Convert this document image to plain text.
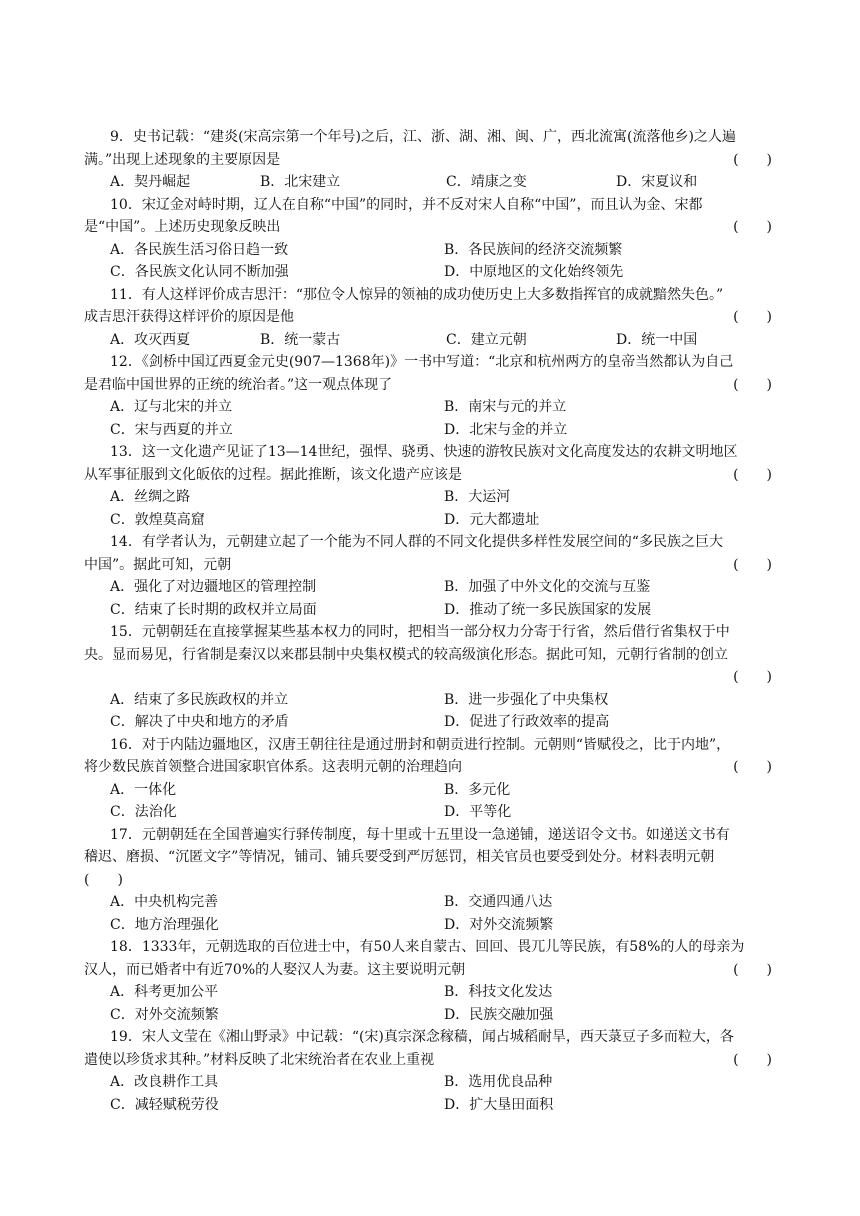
9．史书记载：“建炎(宋高宗第一个年号)之后，江、浙、湖、湘、闽、广，西北流寓(流落他乡)之人遍
满。”出现上述现象的主要原因是	(　　)
A．契丹崛起	B．北宋建立	C．靖康之变	D．宋夏议和
10．宋辽金对峙时期，辽人在自称“中国”的同时，并不反对宋人自称“中国”，而且认为金、宋都
是“中国”。上述历史现象反映出	(　　)
A．各民族生活习俗日趋一致	B．各民族间的经济交流频繁
C．各民族文化认同不断加强	D．中原地区的文化始终领先
11．有人这样评价成吉思汗：“那位令人惊异的领袖的成功使历史上大多数指挥官的成就黯然失色。”
成吉思汗获得这样评价的原因是他	(　　)
A．攻灭西夏	B．统一蒙古	C．建立元朝	D．统一中国
12．《剑桥中国辽西夏金元史(907—1368年)》一书中写道：“北京和杭州两方的皇帝当然都认为自己
是君临中国世界的正统的统治者。”这一观点体现了	(　　)
A．辽与北宋的并立	B．南宋与元的并立
C．宋与西夏的并立	D．北宋与金的并立
13．这一文化遗产见证了13—14世纪，强悍、骁勇、快速的游牧民族对文化高度发达的农耕文明地区
从军事征服到文化皈依的过程。据此推断，该文化遗产应该是	(　　)
A．丝绸之路	B．大运河
C．敦煌莫高窟	D．元大都遗址
14．有学者认为，元朝建立起了一个能为不同人群的不同文化提供多样性发展空间的“多民族之巨大
中国”。据此可知，元朝	(　　)
A．强化了对边疆地区的管理控制	B．加强了中外文化的交流与互鉴
C．结束了长时期的政权并立局面	D．推动了统一多民族国家的发展
15．元朝朝廷在直接掌握某些基本权力的同时，把相当一部分权力分寄于行省，然后借行省集权于中
央。显而易见，行省制是秦汉以来郡县制中央集权模式的较高级演化形态。据此可知，元朝行省制的创立
(　　)
A．结束了多民族政权的并立	B．进一步强化了中央集权
C．解决了中央和地方的矛盾	D．促进了行政效率的提高
16．对于内陆边疆地区，汉唐王朝往往是通过册封和朝贡进行控制。元朝则“皆赋役之，比于内地”，
将少数民族首领整合进国家职官体系。这表明元朝的治理趋向	(　　)
A．一体化	B．多元化
C．法治化	D．平等化
17．元朝朝廷在全国普遍实行驿传制度，每十里或十五里设一急递铺，递送诏令文书。如递送文书有
稽迟、磨损、“沉匿文字”等情况，铺司、铺兵要受到严厉惩罚，相关官员也要受到处分。材料表明元朝
(　　)
A．中央机构完善	B．交通四通八达
C．地方治理强化	D．对外交流频繁
18．1333年，元朝选取的百位进士中，有50人来自蒙古、回回、畏兀儿等民族，有58%的人的母亲为
汉人，而已婚者中有近70%的人娶汉人为妻。这主要说明元朝	(　　)
A．科考更加公平	B．科技文化发达
C．对外交流频繁	D．民族交融加强
19．宋人文莹在《湘山野录》中记载：“(宋)真宗深念稼穑，闻占城稻耐旱，西天菉豆子多而粒大，各
遣使以珍货求其种。”材料反映了北宋统治者在农业上重视	(　　)
A．改良耕作工具	B．选用优良品种
C．减轻赋税劳役	D．扩大垦田面积
